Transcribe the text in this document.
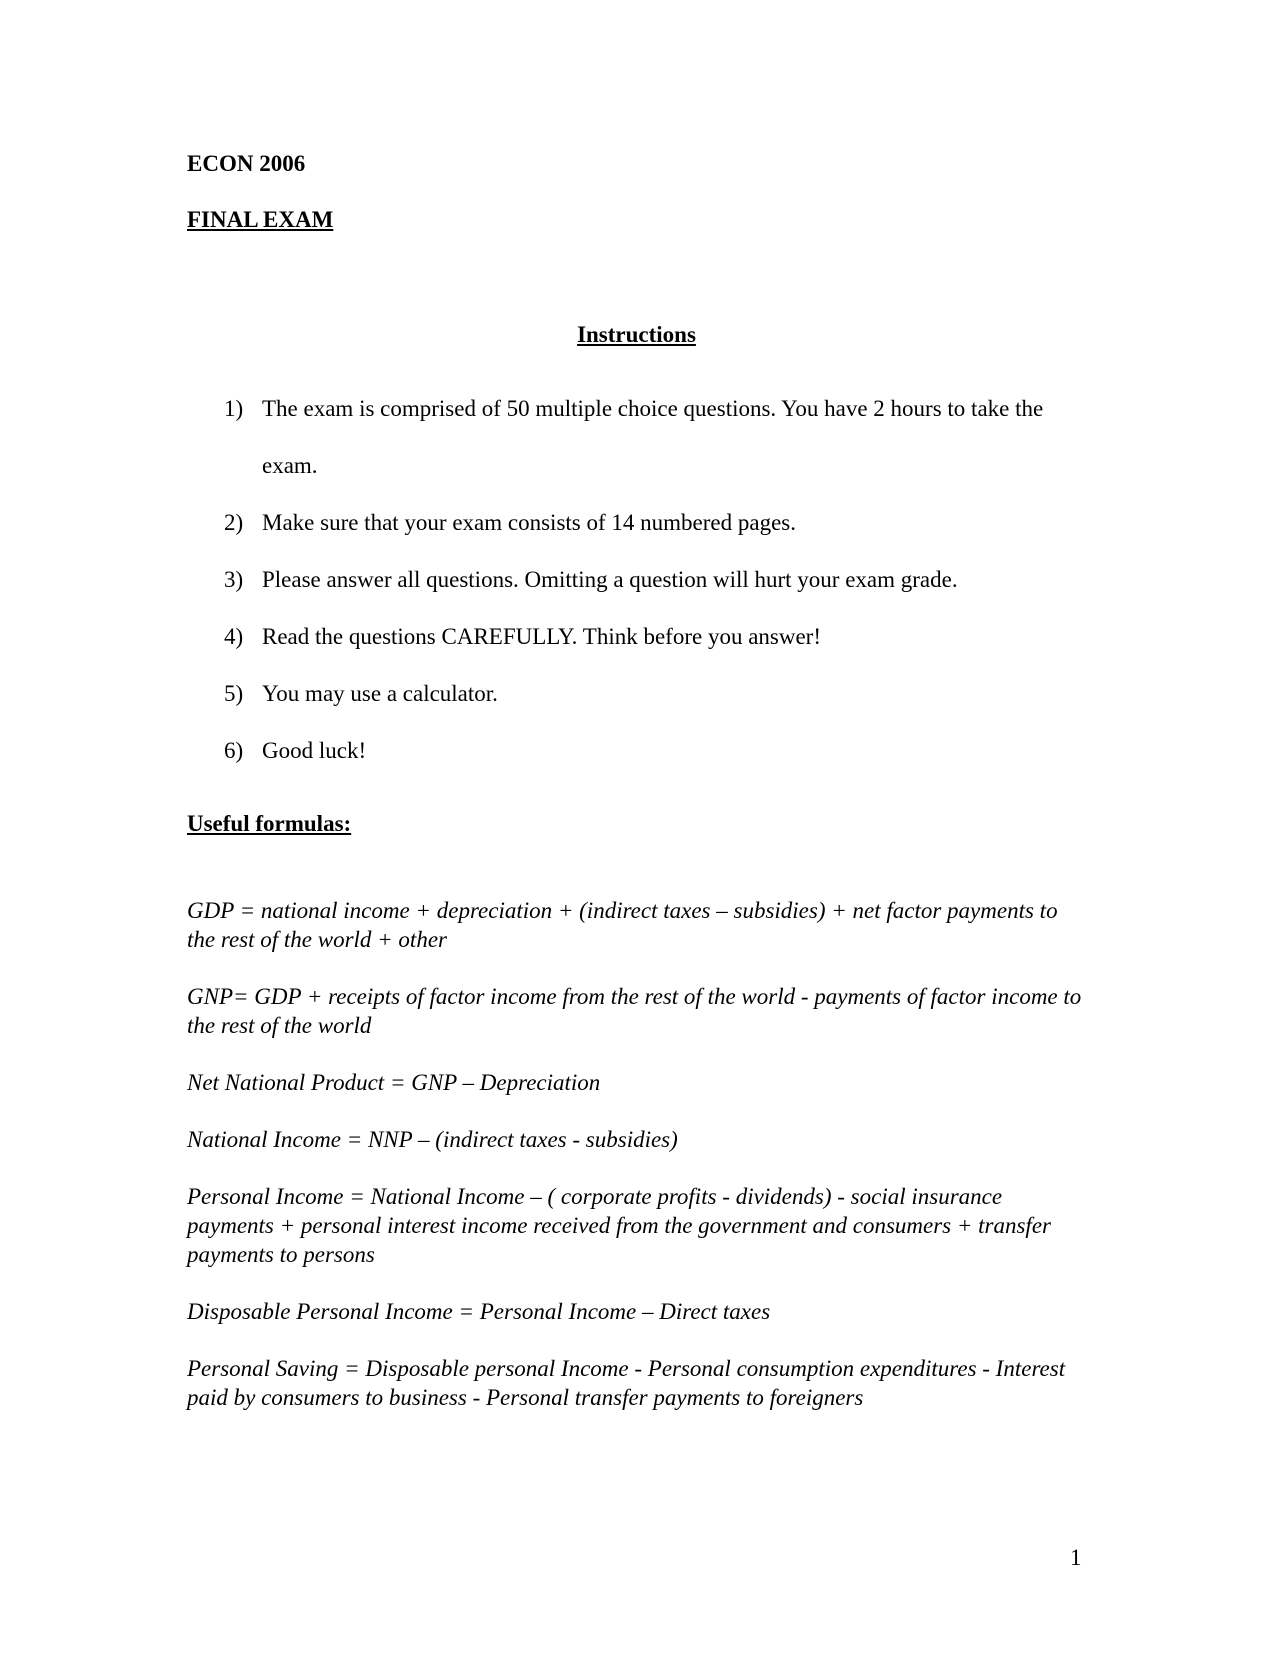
ECON 2006

FINAL EXAM

Instructions

1) The exam is comprised of 50 multiple choice questions. You have 2 hours to take the exam.
2) Make sure that your exam consists of 14 numbered pages.
3) Please answer all questions. Omitting a question will hurt your exam grade.
4) Read the questions CAREFULLY. Think before you answer!
5) You may use a calculator.
6) Good luck!

Useful formulas:

GDP = national income + depreciation + (indirect taxes – subsidies) + net factor payments to the rest of the world + other

GNP= GDP + receipts of factor income from the rest of the world - payments of factor income to the rest of the world

Net National Product = GNP – Depreciation

National Income = NNP – (indirect taxes - subsidies)

Personal Income = National Income – ( corporate profits - dividends) - social insurance payments + personal interest income received from the government and consumers + transfer payments to persons

Disposable Personal Income = Personal Income – Direct taxes

Personal Saving = Disposable personal Income - Personal consumption expenditures - Interest paid by consumers to business - Personal transfer payments to foreigners

1
